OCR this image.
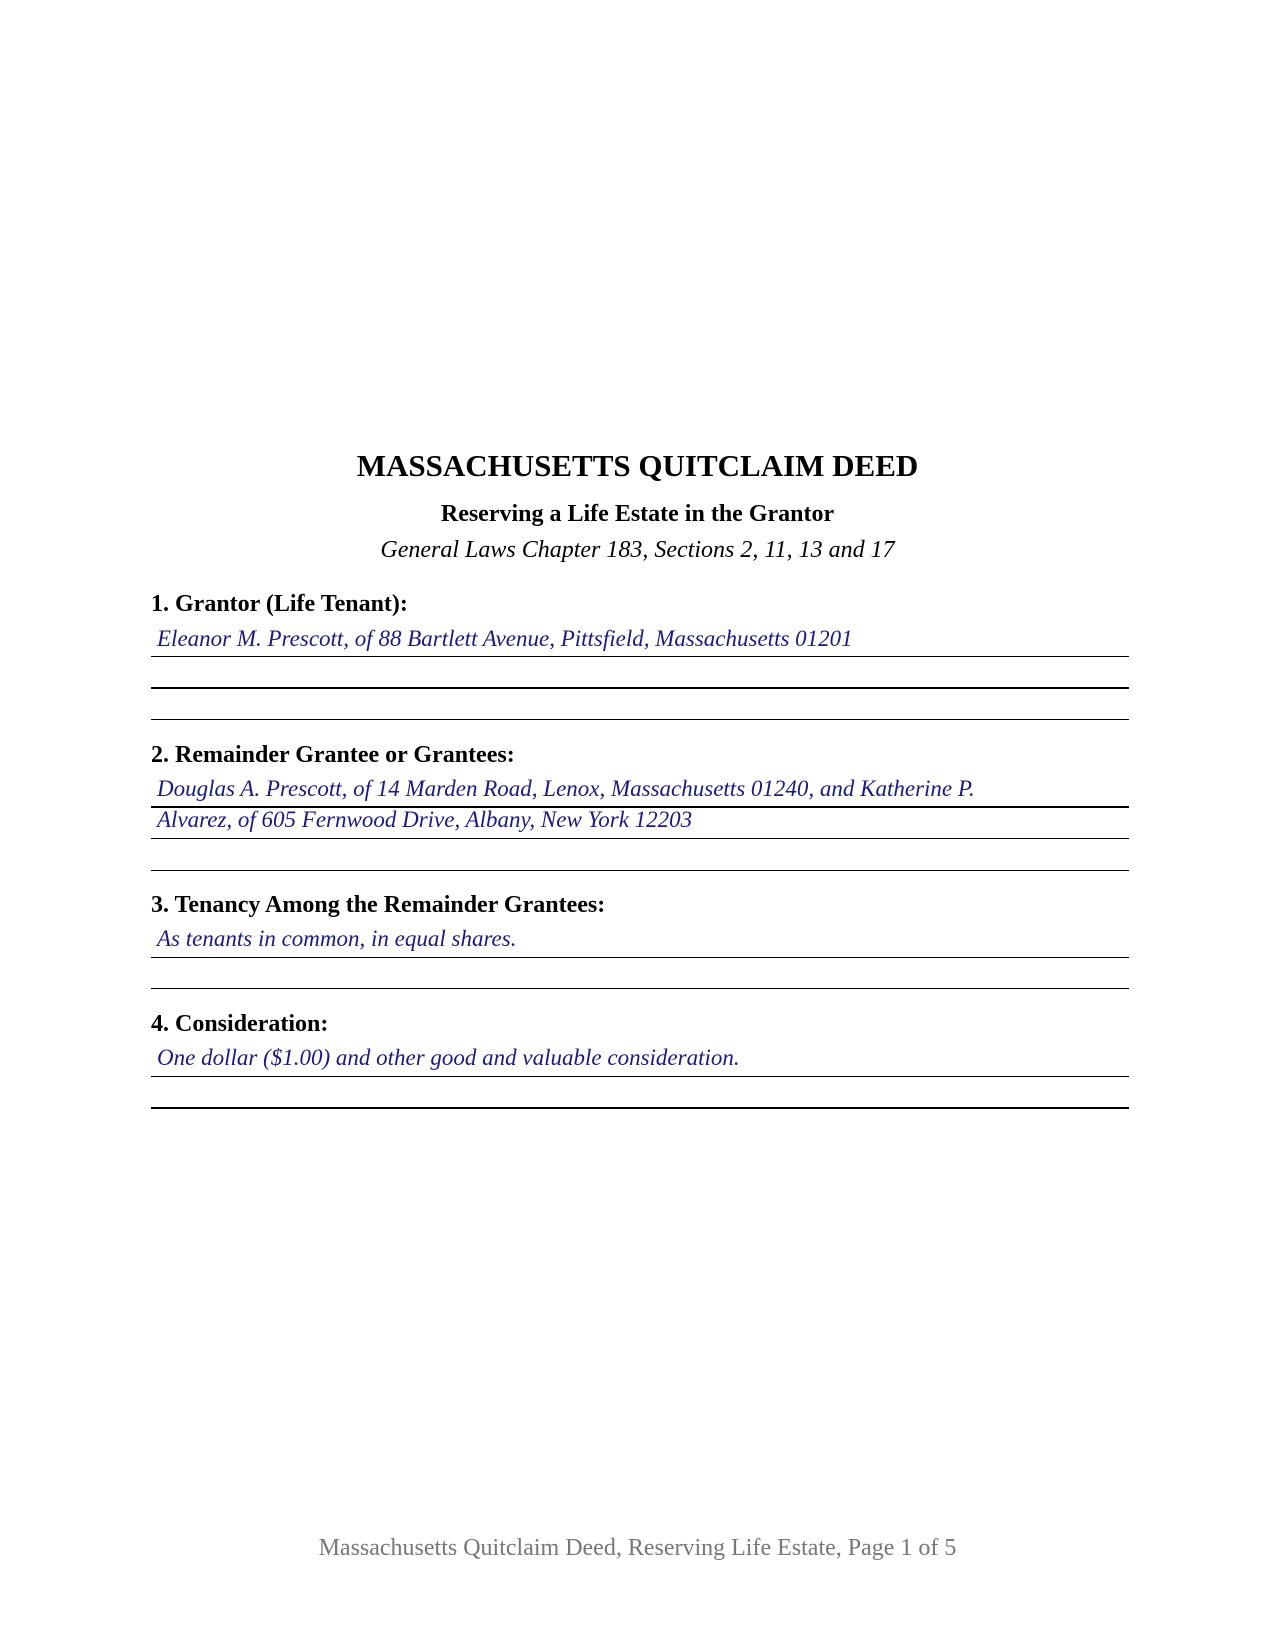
MASSACHUSETTS QUITCLAIM DEED
Reserving a Life Estate in the Grantor
General Laws Chapter 183, Sections 2, 11, 13 and 17
1. Grantor (Life Tenant):
Eleanor M. Prescott, of 88 Bartlett Avenue, Pittsfield, Massachusetts 01201
2. Remainder Grantee or Grantees:
Douglas A. Prescott, of 14 Marden Road, Lenox, Massachusetts 01240, and Katherine P.
Alvarez, of 605 Fernwood Drive, Albany, New York 12203
3. Tenancy Among the Remainder Grantees:
As tenants in common, in equal shares.
4. Consideration:
One dollar ($1.00) and other good and valuable consideration.
Massachusetts Quitclaim Deed, Reserving Life Estate, Page 1 of 5
